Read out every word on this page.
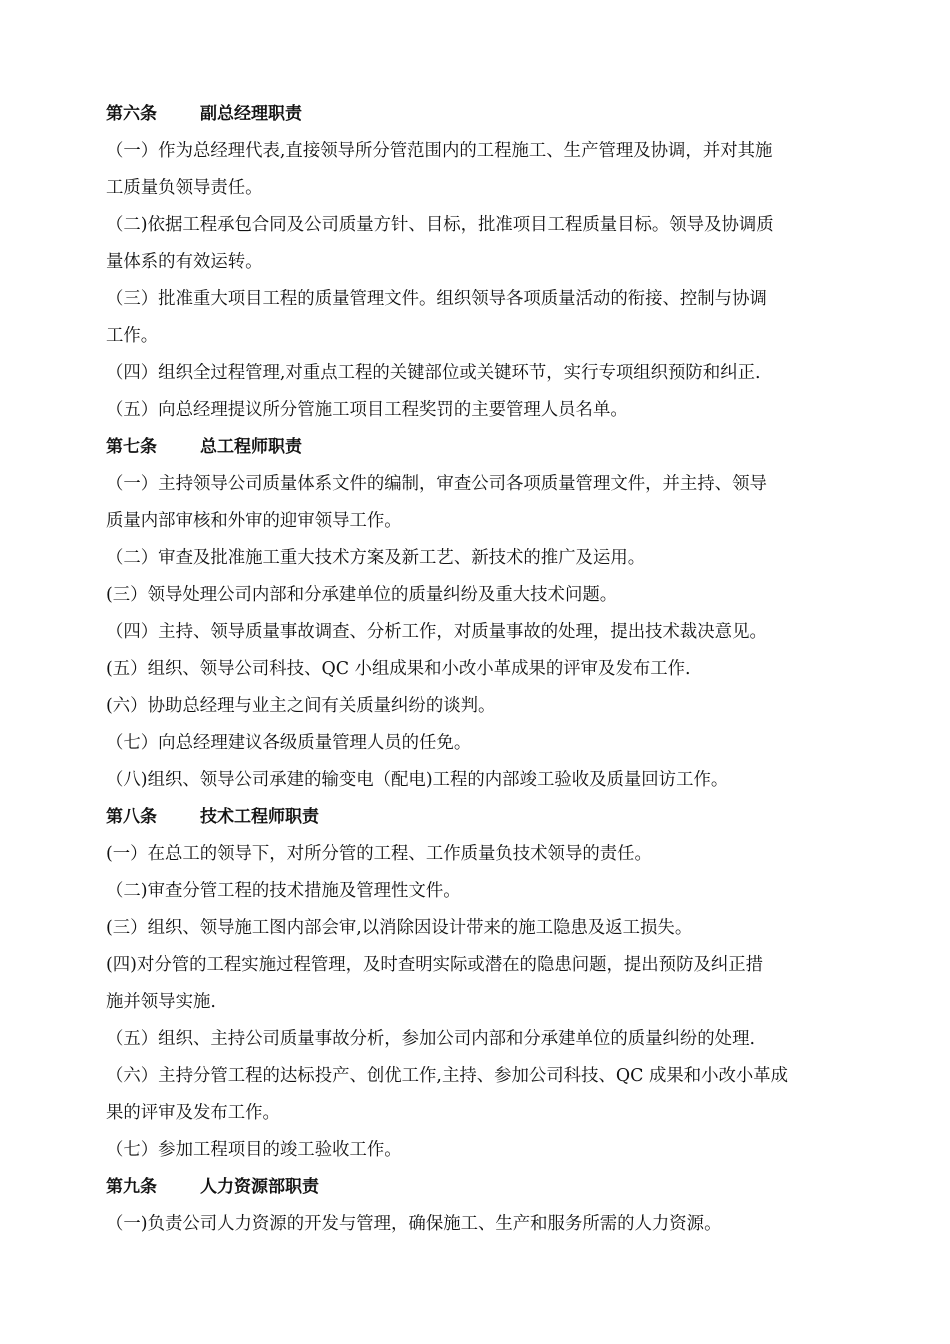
第六条	副总经理职责
（一）作为总经理代表,直接领导所分管范围内的工程施工、生产管理及协调，并对其施
工质量负领导责任。
（二)依据工程承包合同及公司质量方针、目标，批准项目工程质量目标。领导及协调质
量体系的有效运转。
（三）批准重大项目工程的质量管理文件。组织领导各项质量活动的衔接、控制与协调
工作。
（四）组织全过程管理,对重点工程的关键部位或关键环节，实行专项组织预防和纠正.
（五）向总经理提议所分管施工项目工程奖罚的主要管理人员名单。
第七条	总工程师职责
（一）主持领导公司质量体系文件的编制，审查公司各项质量管理文件，并主持、领导
质量内部审核和外审的迎审领导工作。
（二）审查及批准施工重大技术方案及新工艺、新技术的推广及运用。
(三）领导处理公司内部和分承建单位的质量纠纷及重大技术问题。
（四）主持、领导质量事故调查、分析工作，对质量事故的处理，提出技术裁决意见。
(五）组织、领导公司科技、QC 小组成果和小改小革成果的评审及发布工作.
(六）协助总经理与业主之间有关质量纠纷的谈判。
（七）向总经理建议各级质量管理人员的任免。
（八)组织、领导公司承建的输变电（配电)工程的内部竣工验收及质量回访工作。
第八条	技术工程师职责
(一）在总工的领导下，对所分管的工程、工作质量负技术领导的责任。
（二)审查分管工程的技术措施及管理性文件。
(三）组织、领导施工图内部会审,以消除因设计带来的施工隐患及返工损失。
(四)对分管的工程实施过程管理，及时查明实际或潜在的隐患问题，提出预防及纠正措
施并领导实施.
（五）组织、主持公司质量事故分析，参加公司内部和分承建单位的质量纠纷的处理.
（六）主持分管工程的达标投产、创优工作,主持、参加公司科技、QC 成果和小改小革成
果的评审及发布工作。
（七）参加工程项目的竣工验收工作。
第九条	人力资源部职责
（一)负责公司人力资源的开发与管理，确保施工、生产和服务所需的人力资源。
